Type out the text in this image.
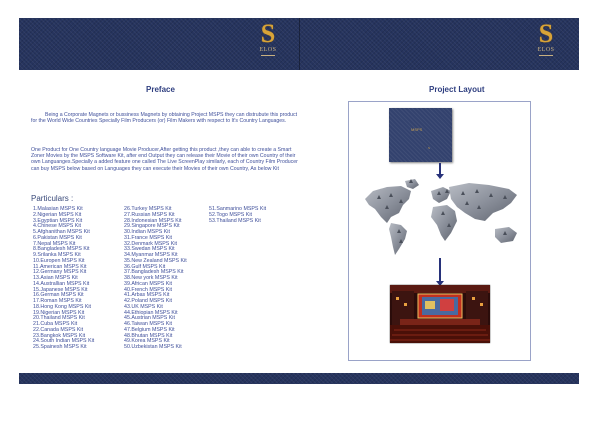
S
ELOS
S
ELOS
Preface
Being a Corporate Magnets or bussiness Magnets by obtaining Project MSPS they can distrubute this product for the World Wide Countries Specially Film Producers (or) Film Makers with respect to It's Country Languages.
One Product for One Country language Movie Producer,After getting this product ,they can able to create a Smart Zoner Movies by the MSPS Software Kit, after end Output they can release their Movie of their own Country of their own Languanges.Specially a added feature one called The Live ScreenPlay similarly, each of Country Film Producer can buy MSPS below based on Languages they can execute their Movies of their own Country, As below Kit
Particulars :
1.Malasian MSPS Kit
2.Nigerian MSPS Kit
3.Egyptian MSPS Kit
4.Chinese MSPS Kit
5.Afghanithan MSPS Kit
6.Pakistan MSPS Kit
7.Nepal MSPS Kit
8.Bangladesh MSPS Kit
9.Srilanka MSPS Kit
10.Europen MSPS Kit
11.American MSPS Kit
12.Germany MSPS Kit
13.Asian MSPS Kit
14.Australlian MSPS Kit
15.Japanese MSPS Kit
16.German MSPS Kit
17.Roman MSPS Kit
18.Hong Kong MSPS Kit
19.Nigerian MSPS Kit
20.Thailand MSPS Kit
21.Cuba MSPS Kit
22.Canada MSPS Kit
23.Bangkok MSPS Kit
24.South Indian MSPS Kit
25.Spainesh MSPS Kit
26.Turkey MSPS Kit
27.Russian MSPS Kit
28.Indonesian MSPS Kit
29.Singapore MSPS Kit
30.Indian MSPS Kit
31.France MSPS Kit
32.Denmark MSPS Kit
33.Swedan MSPS Kit
34.Myanmar MSPS Kit
35.New Zealand MSPS Kit
36.Gulf MSPS Kit
37.Bangladesh MSPS Kit
38.New york MSPS Kit
39.African MSPS Kit
40.French MSPS Kit
41.Arbas MSPS Kit
42.Poland MSPS Kit
43.UK MSPS Kit
44.Ethiopian MSPS Kit
45.Austrian MSPS Kit
46.Taiwan MSPS Kit
47.Belgium MSPS Kit
48.Bhutan MSPS Kit
49.Korea MSPS Kit
50.Uzbekistan MSPS Kit
51.Sanmarino MSPS Kit
52.Togo MSPS Kit
53.Thailand MSPS Kit
Project Layout
MSPS
S
